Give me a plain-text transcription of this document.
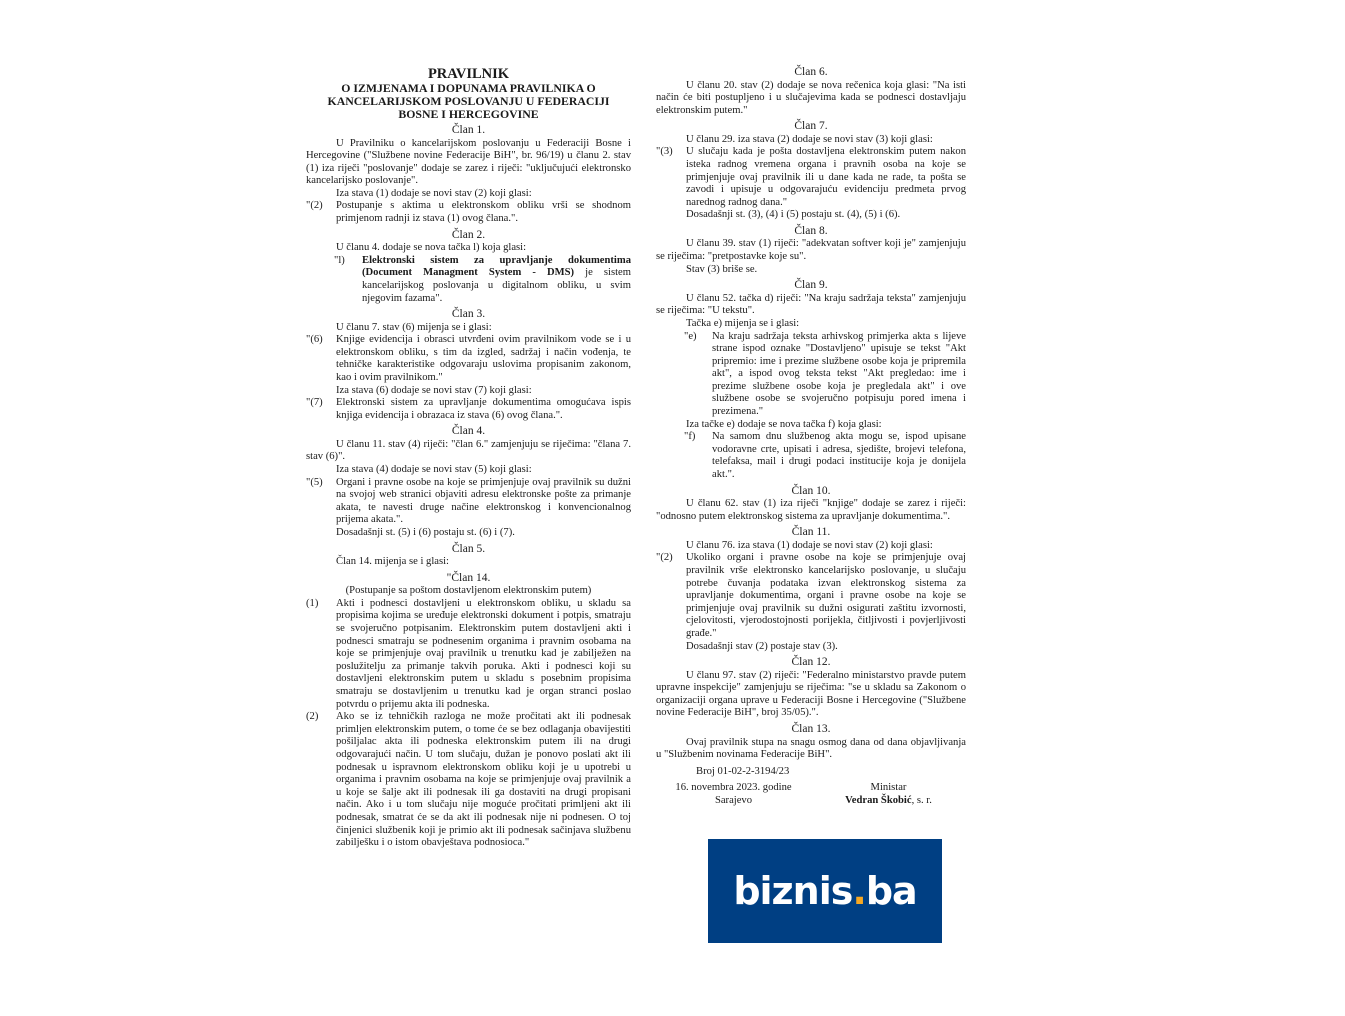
PRAVILNIK
O IZMJENAMA I DOPUNAMA PRAVILNIKA O
KANCELARIJSKOM POSLOVANJU U FEDERACIJI
BOSNE I HERCEGOVINE
Član 1.
U Pravilniku o kancelarijskom poslovanju u Federaciji Bosne i Hercegovine ("Službene novine Federacije BiH", br. 96/19) u članu 2. stav (1) iza riječi "poslovanje" dodaje se zarez i riječi: "uključujući elektronsko kancelarijsko poslovanje".
Iza stava (1) dodaje se novi stav (2) koji glasi:
"(2)	Postupanje s aktima u elektronskom obliku vrši se shodnom primjenom radnji iz stava (1) ovog člana.".
Član 2.
U članu 4. dodaje se nova tačka l) koja glasi:
"l)	Elektronski sistem za upravljanje dokumentima (Document Managment System - DMS) je sistem kancelarijskog poslovanja u digitalnom obliku, u svim njegovim fazama".
Član 3.
U članu 7. stav (6) mijenja se i glasi:
"(6)	Knjige evidencija i obrasci utvrđeni ovim pravilnikom vode se i u elektronskom obliku, s tim da izgled, sadržaj i način vođenja, te tehničke karakteristike odgovaraju uslovima propisanim zakonom, kao i ovim pravilnikom."
Iza stava (6) dodaje se novi stav (7) koji glasi:
"(7)	Elektronski sistem za upravljanje dokumentima omogućava ispis knjiga evidencija i obrazaca iz stava (6) ovog člana.".
Član 4.
U članu 11. stav (4) riječi: "član 6." zamjenjuju se riječima: "člana 7. stav (6)".
Iza stava (4) dodaje se novi stav (5) koji glasi:
"(5)	Organi i pravne osobe na koje se primjenjuje ovaj pravilnik su dužni na svojoj web stranici objaviti adresu elektronske pošte za primanje akata, te navesti druge načine elektronskog i konvencionalnog prijema akata.".
Dosadašnji st. (5) i (6) postaju st. (6) i (7).
Član 5.
Član 14. mijenja se i glasi:
"Član 14.
(Postupanje sa poštom dostavljenom elektronskim putem)
(1)	Akti i podnesci dostavljeni u elektronskom obliku, u skladu sa propisima kojima se uređuje elektronski dokument i potpis, smatraju se svojeručno potpisanim. Elektronskim putem dostavljeni akti i podnesci smatraju se podnesenim organima i pravnim osobama na koje se primjenjuje ovaj pravilnik u trenutku kad je zabilježen na poslužitelju za primanje takvih poruka. Akti i podnesci koji su dostavljeni elektronskim putem u skladu s posebnim propisima smatraju se dostavljenim u trenutku kad je organ stranci poslao potvrdu o prijemu akta ili podneska.
(2)	Ako se iz tehničkih razloga ne može pročitati akt ili podnesak primljen elektronskim putem, o tome će se bez odlaganja obavijestiti pošiljalac akta ili podneska elektronskim putem ili na drugi odgovarajući način. U tom slučaju, dužan je ponovo poslati akt ili podnesak u ispravnom elektronskom obliku koji je u upotrebi u organima i pravnim osobama na koje se primjenjuje ovaj pravilnik a u koje se šalje akt ili podnesak ili ga dostaviti na drugi propisani način. Ako i u tom slučaju nije moguće pročitati primljeni akt ili podnesak, smatrat će se da akt ili podnesak nije ni podnesen. O toj činjenici službenik koji je primio akt ili podnesak sačinjava službenu zabilješku i o istom obavještava podnosioca."
Član 6.
U članu 20. stav (2) dodaje se nova rečenica koja glasi: "Na isti način će biti postupljeno i u slučajevima kada se podnesci dostavljaju elektronskim putem."
Član 7.
U članu 29. iza stava (2) dodaje se novi stav (3) koji glasi:
"(3)	U slučaju kada je pošta dostavljena elektronskim putem nakon isteka radnog vremena organa i pravnih osoba na koje se primjenjuje ovaj pravilnik ili u dane kada ne rade, ta pošta se zavodi i upisuje u odgovarajuću evidenciju predmeta prvog narednog radnog dana."
Dosadašnji st. (3), (4) i (5) postaju st. (4), (5) i (6).
Član 8.
U članu 39. stav (1) riječi: "adekvatan softver koji je" zamjenjuju se riječima: "pretpostavke koje su".
Stav (3) briše se.
Član 9.
U članu 52. tačka d) riječi: "Na kraju sadržaja teksta" zamjenjuju se riječima: "U tekstu".
Tačka e) mijenja se i glasi:
"e)	Na kraju sadržaja teksta arhivskog primjerka akta s lijeve strane ispod oznake "Dostavljeno" upisuje se tekst "Akt pripremio: ime i prezime službene osobe koja je pripremila akt", a ispod ovog teksta tekst "Akt pregledao: ime i prezime službene osobe koja je pregledala akt" i ove službene osobe se svojeručno potpisuju pored imena i prezimena."
Iza tačke e) dodaje se nova tačka f) koja glasi:
"f)	Na samom dnu službenog akta mogu se, ispod upisane vodoravne crte, upisati i adresa, sjedište, brojevi telefona, telefaksa, mail i drugi podaci institucije koja je donijela akt.".
Član 10.
U članu 62. stav (1) iza riječi "knjige" dodaje se zarez i riječi: "odnosno putem elektronskog sistema za upravljanje dokumentima.".
Član 11.
U članu 76. iza stava (1) dodaje se novi stav (2) koji glasi:
"(2)	Ukoliko organi i pravne osobe na koje se primjenjuje ovaj pravilnik vrše elektronsko kancelarijsko poslovanje, u slučaju potrebe čuvanja podataka izvan elektronskog sistema za upravljanje dokumentima, organi i pravne osobe na koje se primjenjuje ovaj pravilnik su dužni osigurati zaštitu izvornosti, cjelovitosti, vjerodostojnosti porijekla, čitljivosti i povjerljivosti građe."
Dosadašnji stav (2) postaje stav (3).
Član 12.
U članu 97. stav (2) riječi: "Federalno ministarstvo pravde putem upravne inspekcije" zamjenjuju se riječima: "se u skladu sa Zakonom o organizaciji organa uprave u Federaciji Bosne i Hercegovine ("Službene novine Federacije BiH", broj 35/05).".
Član 13.
Ovaj pravilnik stupa na snagu osmog dana od dana objavljivanja u "Službenim novinama Federacije BiH".
Broj 01-02-2-3194/23
16. novembra 2023. godine
Sarajevo
Ministar
Vedran Škobić, s. r.
biznis.ba
